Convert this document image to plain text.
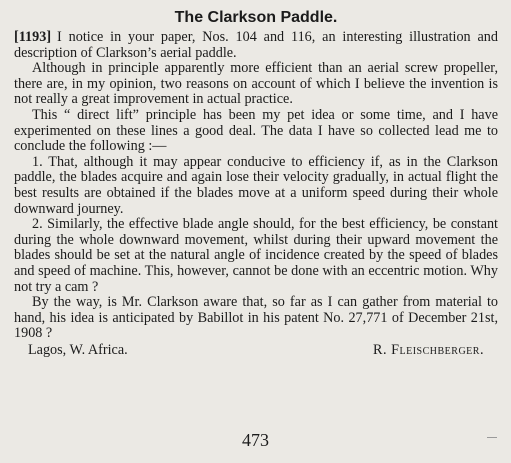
The Clarkson Paddle.

[1193] I notice in your paper, Nos. 104 and 116, an interesting illustration and description of Clarkson’s aerial paddle.

Although in principle apparently more efficient than an aerial screw propeller, there are, in my opinion, two reasons on account of which I believe the invention is not really a great improvement in actual practice.

This “ direct lift” principle has been my pet idea or some time, and I have experimented on these lines a good deal. The data I have so collected lead me to conclude the following :—

1. That, although it may appear conducive to efficiency if, as in the Clarkson paddle, the blades acquire and again lose their velocity gradually, in actual flight the best results are obtained if the blades move at a uniform speed during their whole downward journey.

2. Similarly, the effective blade angle should, for the best efficiency, be constant during the whole downward movement, whilst during their upward movement the blades should be set at the natural angle of incidence created by the speed of blades and speed of machine. This, however, cannot be done with an eccentric motion. Why not try a cam ?

By the way, is Mr. Clarkson aware that, so far as I can gather from material to hand, his idea is anticipated by Babillot in his patent No. 27,771 of December 21st, 1908 ?

Lagos, W. Africa.	R. Fleischberger.
473
